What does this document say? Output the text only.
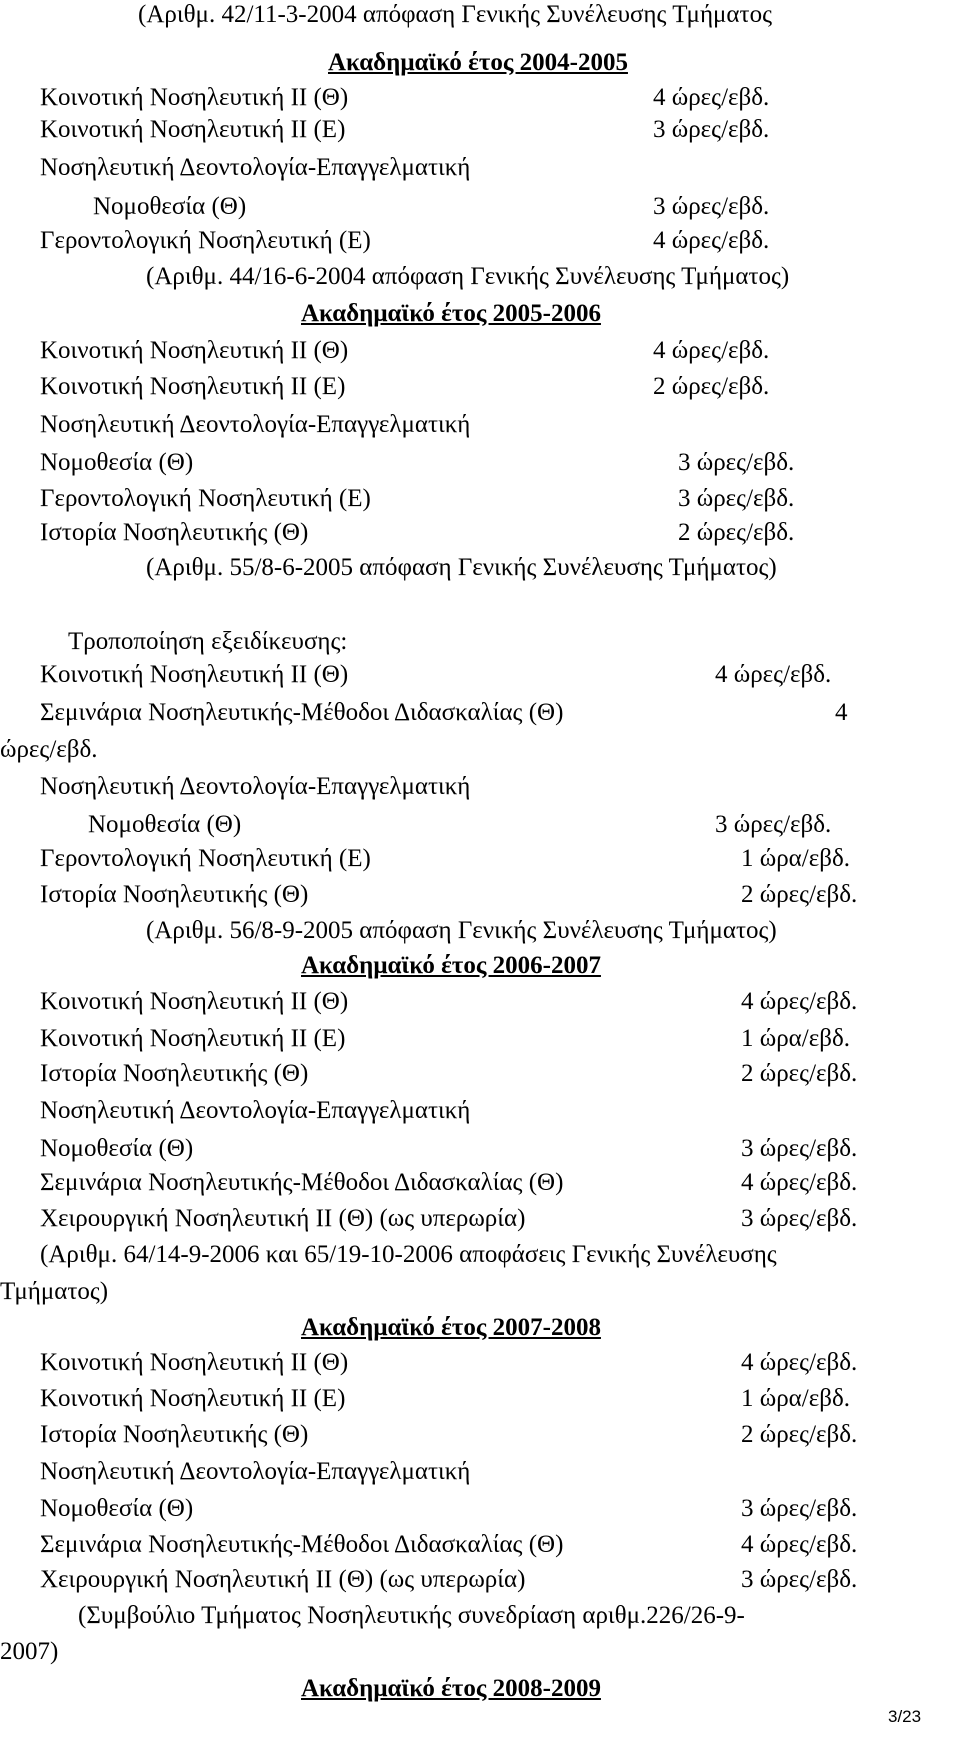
(Αριθμ. 42/11-3-2004 απόφαση Γενικής Συνέλευσης Τμήματος
Ακαδημαϊκό έτος 2004-2005
Κοινοτική Νοσηλευτική ΙΙ (Θ)	4 ώρες/εβδ.
Κοινοτική Νοσηλευτική ΙΙ (Ε)	3 ώρες/εβδ.
Νοσηλευτική Δεοντολογία-Επαγγελματική
Νομοθεσία (Θ)	3 ώρες/εβδ.
Γεροντολογική Νοσηλευτική (Ε)	4 ώρες/εβδ.
(Αριθμ. 44/16-6-2004 απόφαση Γενικής Συνέλευσης Τμήματος)
Ακαδημαϊκό έτος 2005-2006
Κοινοτική Νοσηλευτική ΙΙ (Θ)	4 ώρες/εβδ.
Κοινοτική Νοσηλευτική ΙΙ (Ε)	2 ώρες/εβδ.
Νοσηλευτική Δεοντολογία-Επαγγελματική
Νομοθεσία (Θ)	3 ώρες/εβδ.
Γεροντολογική Νοσηλευτική (Ε)	3 ώρες/εβδ.
Ιστορία Νοσηλευτικής (Θ)	2 ώρες/εβδ.
(Αριθμ. 55/8-6-2005 απόφαση Γενικής Συνέλευσης Τμήματος)
Τροποποίηση εξειδίκευσης:
Κοινοτική Νοσηλευτική ΙΙ (Θ)	4 ώρες/εβδ.
Σεμινάρια Νοσηλευτικής-Μέθοδοι Διδασκαλίας (Θ)	4
ώρες/εβδ.
Νοσηλευτική Δεοντολογία-Επαγγελματική
Νομοθεσία (Θ)	3 ώρες/εβδ.
Γεροντολογική Νοσηλευτική (Ε)	1 ώρα/εβδ.
Ιστορία Νοσηλευτικής (Θ)	2 ώρες/εβδ.
(Αριθμ. 56/8-9-2005 απόφαση Γενικής Συνέλευσης Τμήματος)
Ακαδημαϊκό έτος 2006-2007
Κοινοτική Νοσηλευτική ΙΙ (Θ)	4 ώρες/εβδ.
Κοινοτική Νοσηλευτική ΙΙ (Ε)	1 ώρα/εβδ.
Ιστορία Νοσηλευτικής (Θ)	2 ώρες/εβδ.
Νοσηλευτική Δεοντολογία-Επαγγελματική
Νομοθεσία (Θ)	3 ώρες/εβδ.
Σεμινάρια Νοσηλευτικής-Μέθοδοι Διδασκαλίας (Θ)	4 ώρες/εβδ.
Χειρουργική Νοσηλευτική ΙΙ (Θ) (ως υπερωρία)	3 ώρες/εβδ.
(Αριθμ. 64/14-9-2006 και 65/19-10-2006 αποφάσεις Γενικής Συνέλευσης
Τμήματος)
Ακαδημαϊκό έτος 2007-2008
Κοινοτική Νοσηλευτική ΙΙ (Θ)	4 ώρες/εβδ.
Κοινοτική Νοσηλευτική ΙΙ (Ε)	1 ώρα/εβδ.
Ιστορία Νοσηλευτικής (Θ)	2 ώρες/εβδ.
Νοσηλευτική Δεοντολογία-Επαγγελματική
Νομοθεσία (Θ)	3 ώρες/εβδ.
Σεμινάρια Νοσηλευτικής-Μέθοδοι Διδασκαλίας (Θ)	4 ώρες/εβδ.
Χειρουργική Νοσηλευτική ΙΙ (Θ) (ως υπερωρία)	3 ώρες/εβδ.
(Συμβούλιο Τμήματος Νοσηλευτικής συνεδρίαση αριθμ.226/26-9-
2007)
Ακαδημαϊκό έτος 2008-2009
3/23
